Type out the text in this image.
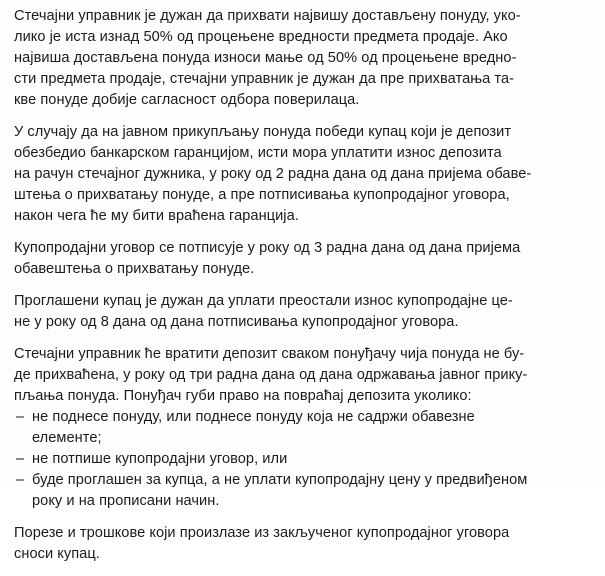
Стечајни управник је дужан да прихвати највишу достављену понуду, уко-
лико је иста изнад 50% од процењене вредности предмета продаје. Ако
највиша достављена понуда износи мање од 50% од процењене вредно-
сти предмета продаје, стечајни управник је дужан да пре прихватања та-
кве понуде добије сагласност одбора поверилаца.

У случају да на јавном прикупљању понуда победи купац који је депозит
обезбедио банкарском гаранцијом, исти мора уплатити износ депозита
на рачун стечајног дужника, у року од 2 радна дана од дана пријема обаве-
штења о прихватању понуде, а пре потписивања купопродајног уговора,
након чега ће му бити враћена гаранција.

Купопродајни уговор се потписује у року од 3 радна дана од дана пријема
обавештења о прихватању понуде.

Проглашени купац је дужан да уплати преостали износ купопродајне це-
не у року од 8 дана од дана потписивања купопродајног уговора.

Стечајни управник ће вратити депозит сваком понуђачу чија понуда не бу-
де прихваћена, у року од три радна дана од дана одржавања јавног прику-
пљања понуда. Понуђач губи право на повраћај депозита уколико:
– не поднесе понуду, или поднесе понуду која не садржи обавезне
елементе;
– не потпише купопродајни уговор, или
– буде проглашен за купца, а не уплати купопродајну цену у предвиђеном
року и на прописани начин.

Порезе и трошкове који произлазе из закљученог купопродајног уговора
сноси купац.
